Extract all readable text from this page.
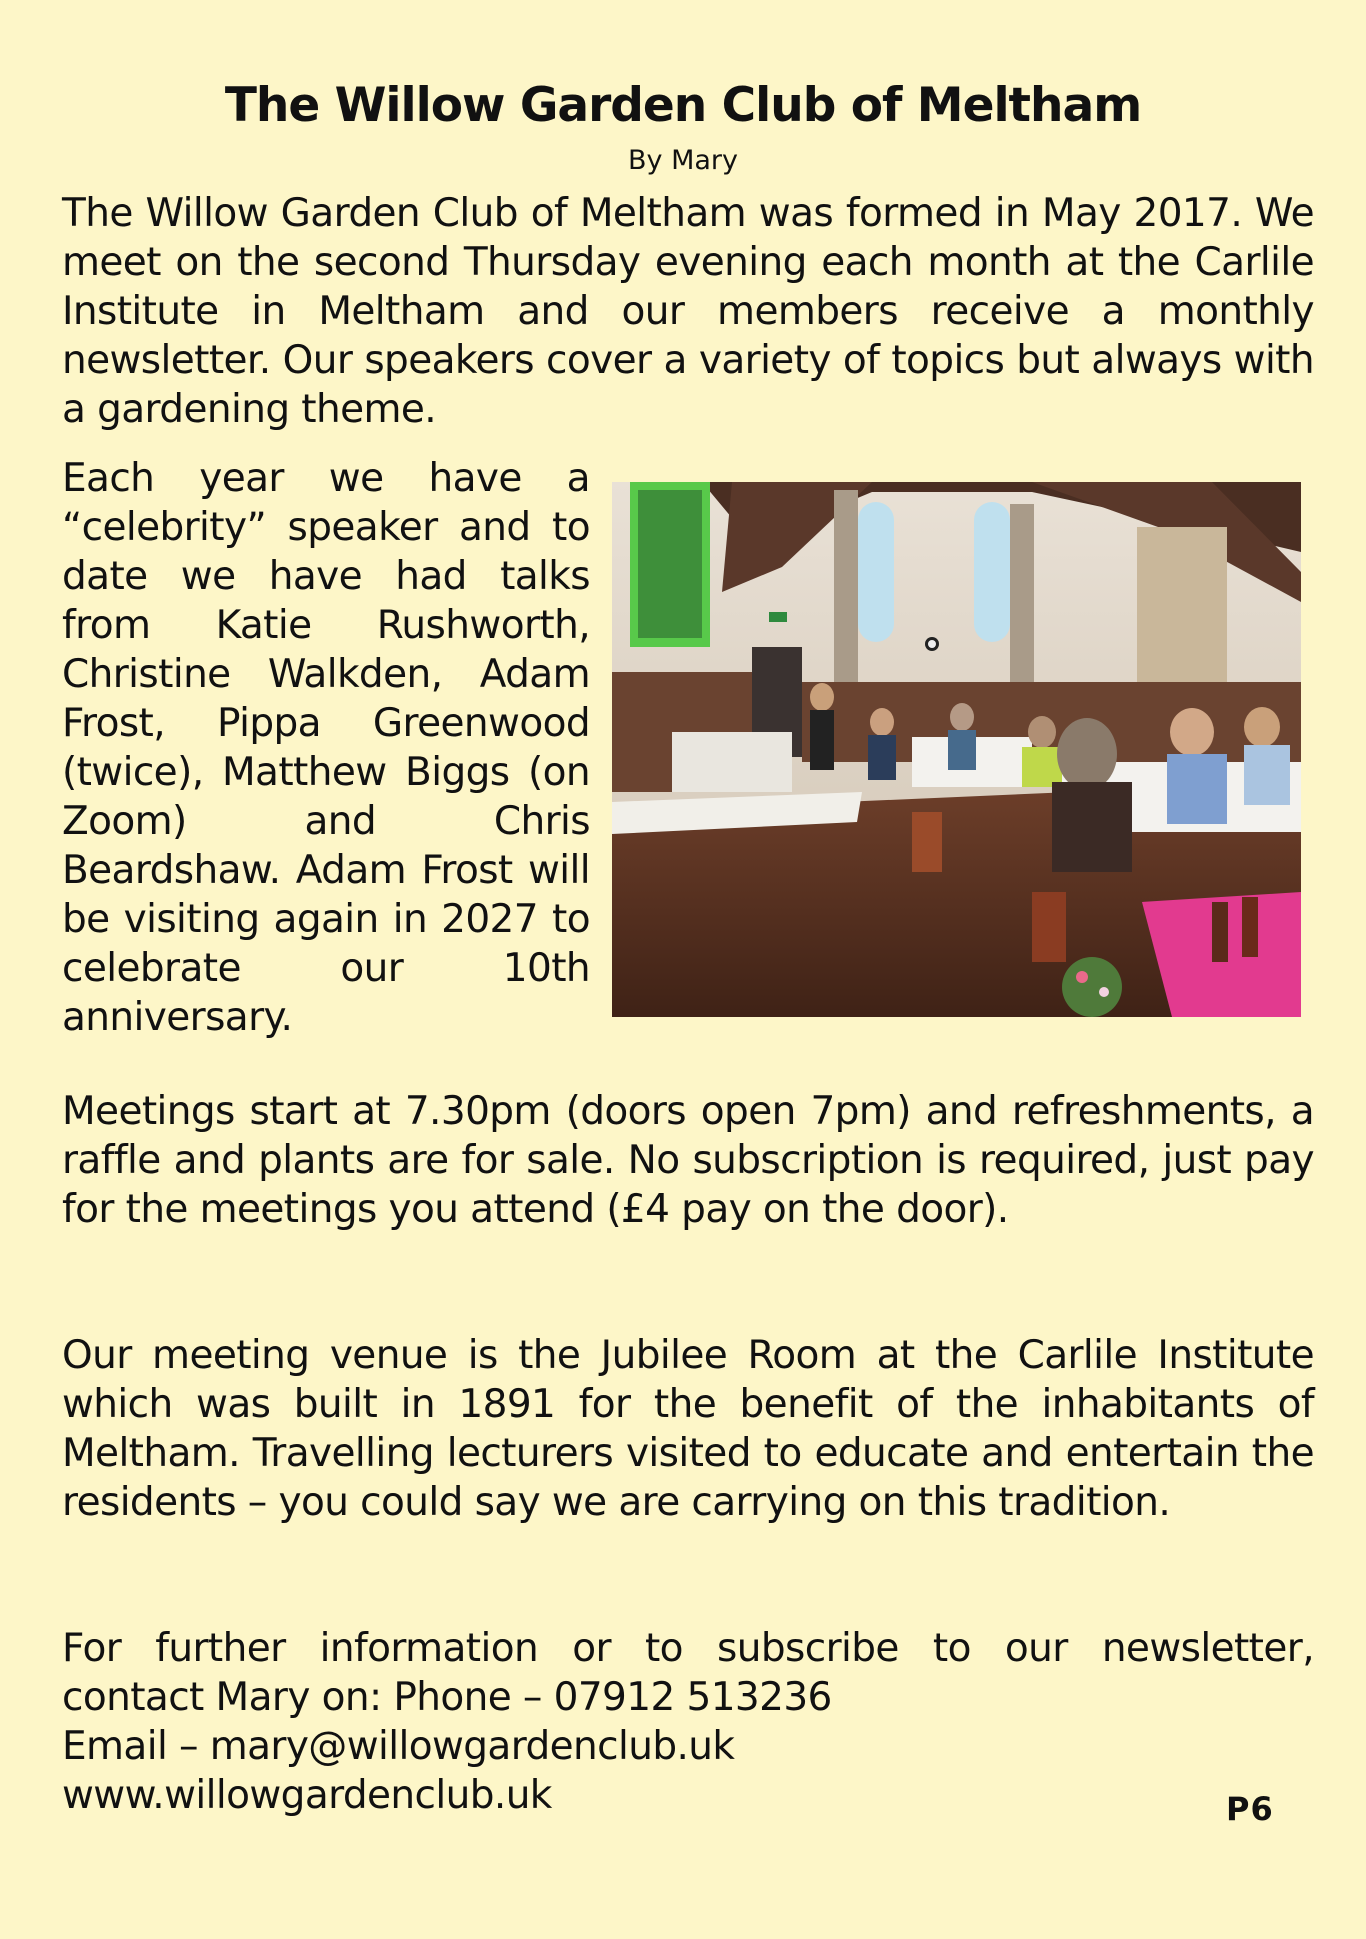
The Willow Garden Club of Meltham
By Mary

The Willow Garden Club of Meltham was formed in May 2017. We meet on the second Thursday evening each month at the Carlile Institute in Meltham and our members receive a monthly newsletter. Our speakers cover a variety of topics but always with a gardening theme.

Each year we have a “celebrity” speaker and to date we have had talks from Katie Rushworth, Christine Walkden, Adam Frost, Pippa Greenwood (twice), Matthew Biggs (on Zoom) and Chris Beardshaw. Adam Frost will be visiting again in 2027 to celebrate our 10th anniversary.

Meetings start at 7.30pm (doors open 7pm) and refreshments, a raffle and plants are for sale. No subscription is required, just pay for the meetings you attend (£4 pay on the door).

Our meeting venue is the Jubilee Room at the Carlile Institute which was built in 1891 for the benefit of the inhabitants of Meltham. Travelling lecturers visited to educate and entertain the residents – you could say we are carrying on this tradition.

For further information or to subscribe to our newsletter,
contact Mary on: Phone – 07912 513236
Email – mary@willowgardenclub.uk
www.willowgardenclub.uk	P6
